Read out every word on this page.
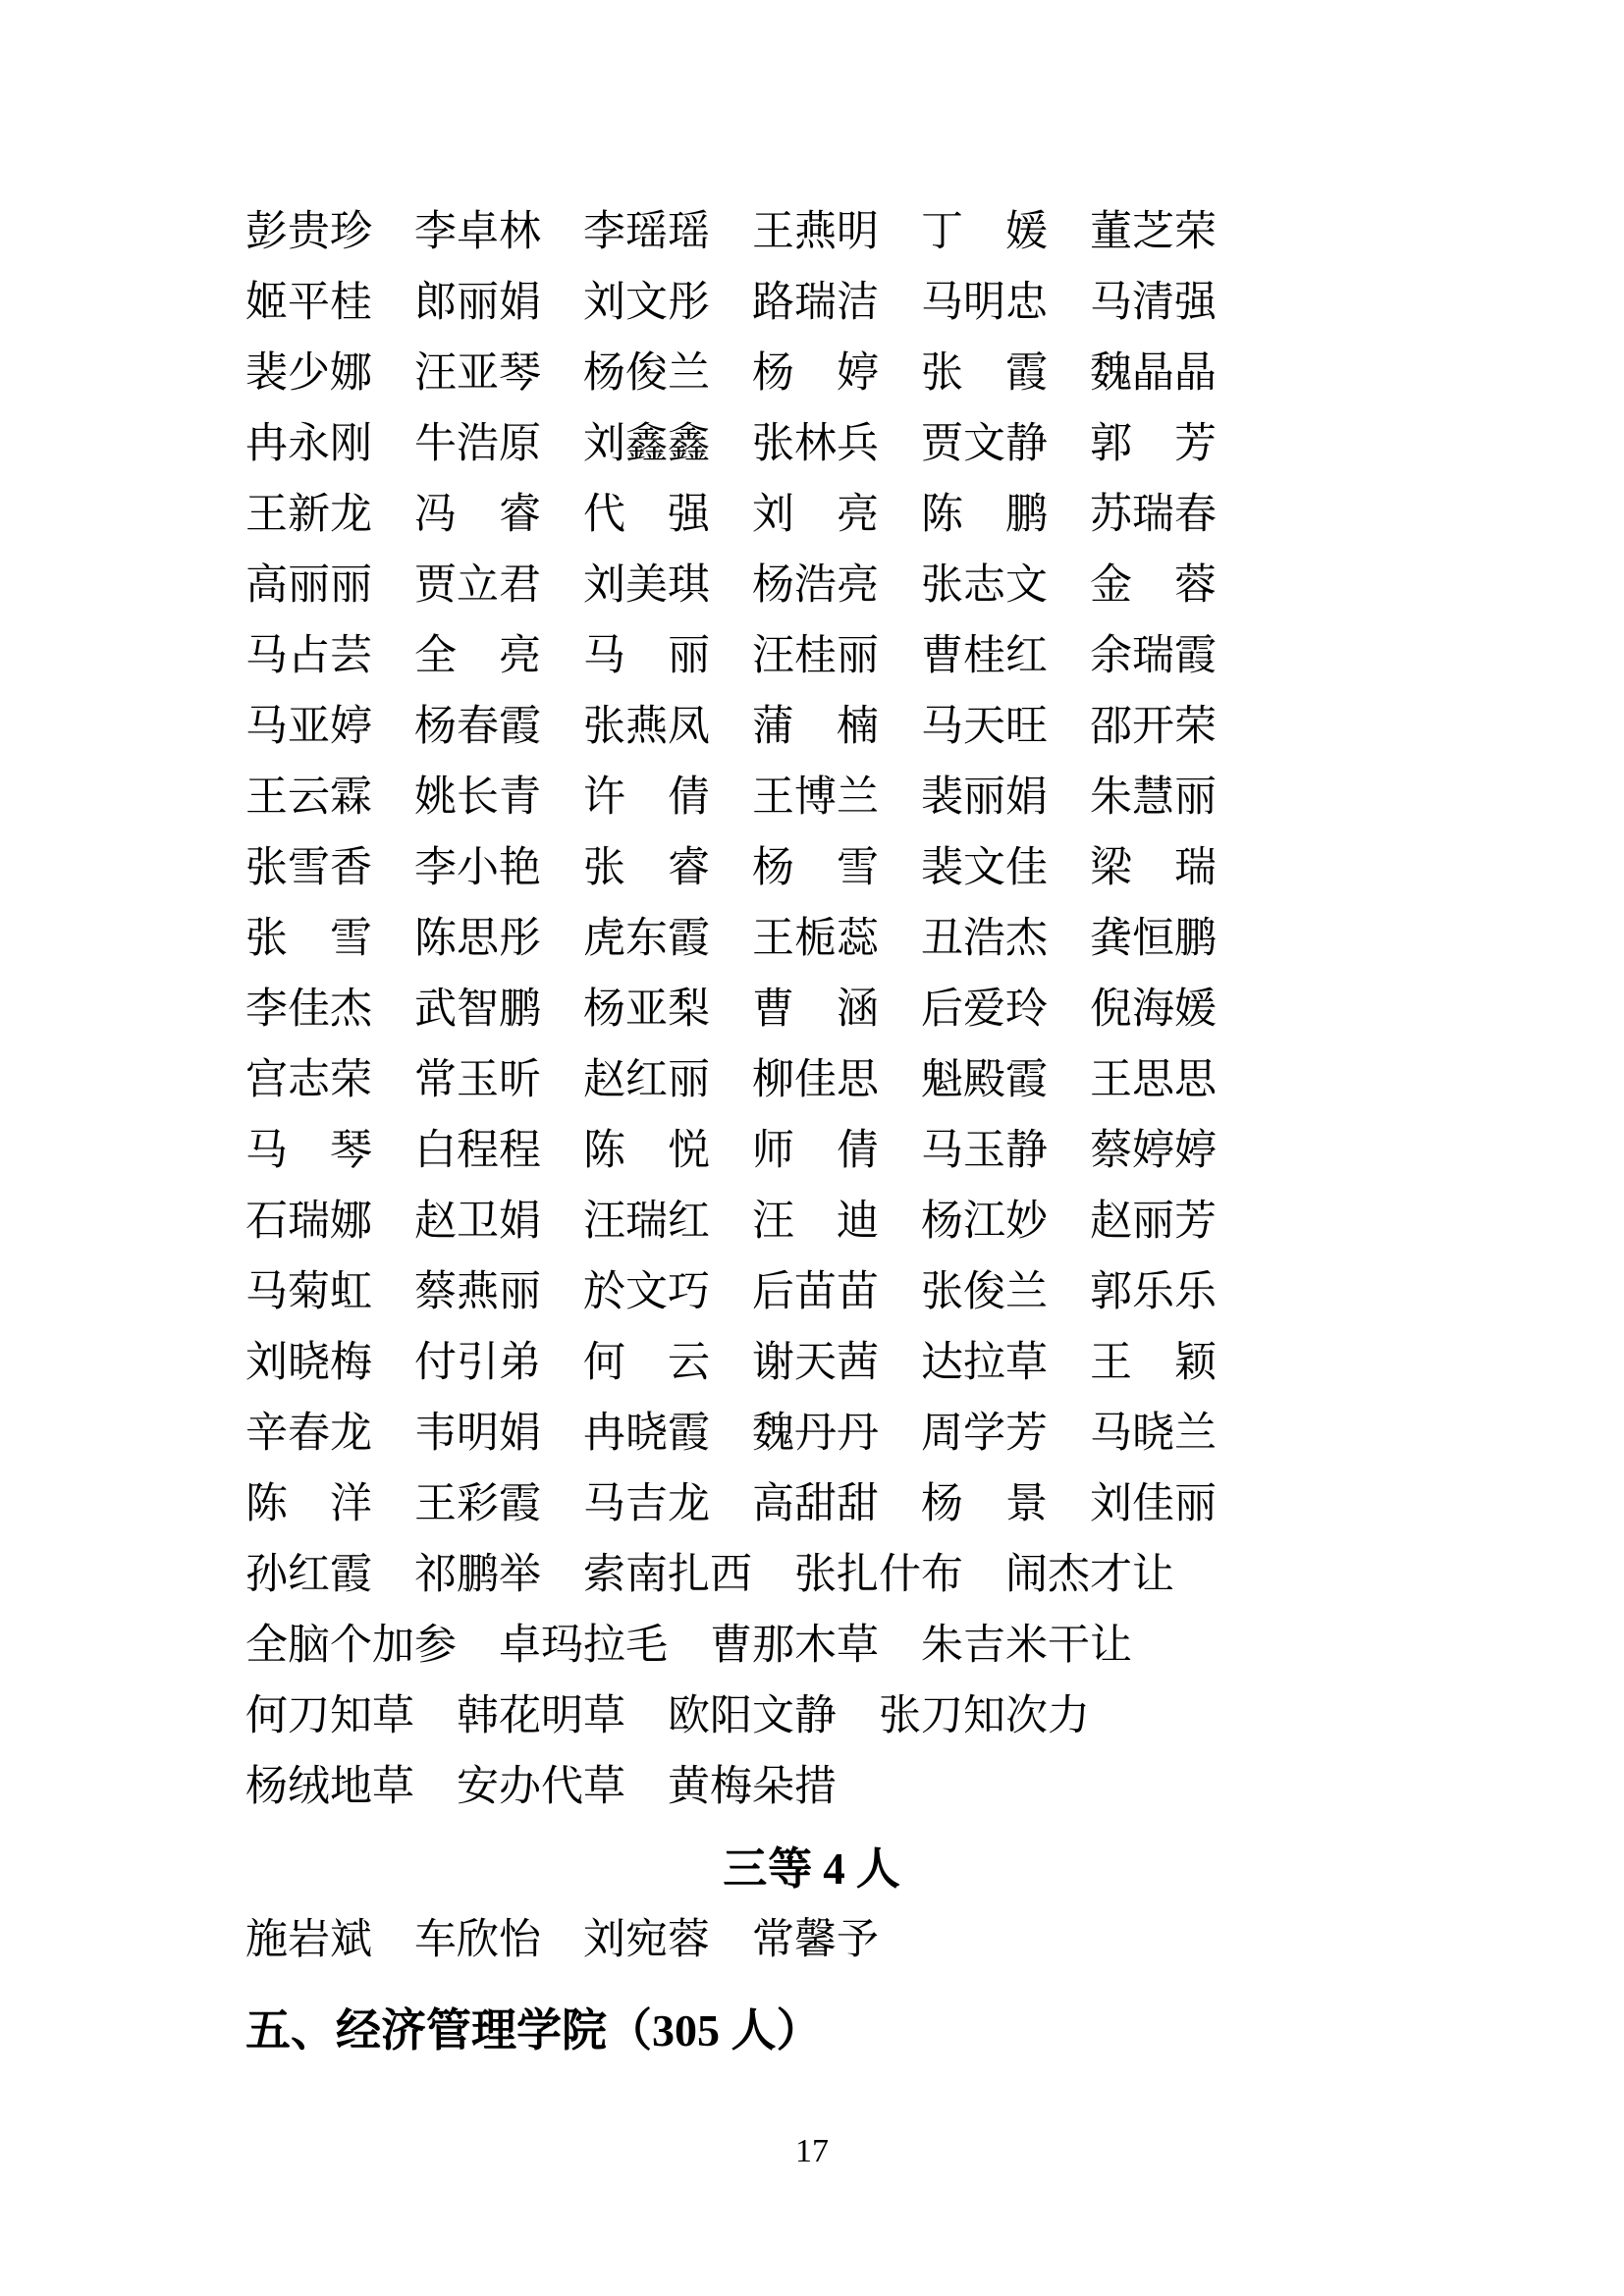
彭贵珍 李卓林 李瑶瑶 王燕明 丁　媛 董芝荣
姬平桂 郎丽娟 刘文彤 路瑞洁 马明忠 马清强
裴少娜 汪亚琴 杨俊兰 杨　婷 张　霞 魏晶晶
冉永刚 牛浩原 刘鑫鑫 张林兵 贾文静 郭　芳
王新龙 冯　睿 代　强 刘　亮 陈　鹏 苏瑞春
高丽丽 贾立君 刘美琪 杨浩亮 张志文 金　蓉
马占芸 全　亮 马　丽 汪桂丽 曹桂红 余瑞霞
马亚婷 杨春霞 张燕凤 蒲　楠 马天旺 邵开荣
王云霖 姚长青 许　倩 王博兰 裴丽娟 朱慧丽
张雪香 李小艳 张　睿 杨　雪 裴文佳 梁　瑞
张　雪 陈思彤 虎东霞 王栀蕊 丑浩杰 龚恒鹏
李佳杰 武智鹏 杨亚梨 曹　涵 后爱玲 倪海媛
宫志荣 常玉昕 赵红丽 柳佳思 魁殿霞 王思思
马　琴 白程程 陈　悦 师　倩 马玉静 蔡婷婷
石瑞娜 赵卫娟 汪瑞红 汪　迪 杨江妙 赵丽芳
马菊虹 蔡燕丽 於文巧 后苗苗 张俊兰 郭乐乐
刘晓梅 付引弟 何　云 谢天茜 达拉草 王　颖
辛春龙 韦明娟 冉晓霞 魏丹丹 周学芳 马晓兰
陈　洋 王彩霞 马吉龙 高甜甜 杨　景 刘佳丽
孙红霞 祁鹏举 索南扎西 张扎什布 闹杰才让
全脑个加参 卓玛拉毛 曹那木草 朱吉米干让
何刀知草 韩花明草 欧阳文静 张刀知次力
杨绒地草 安办代草 黄梅朵措
三等 4 人
施岩斌 车欣怡 刘宛蓉 常馨予
五、经济管理学院（305 人）
17
